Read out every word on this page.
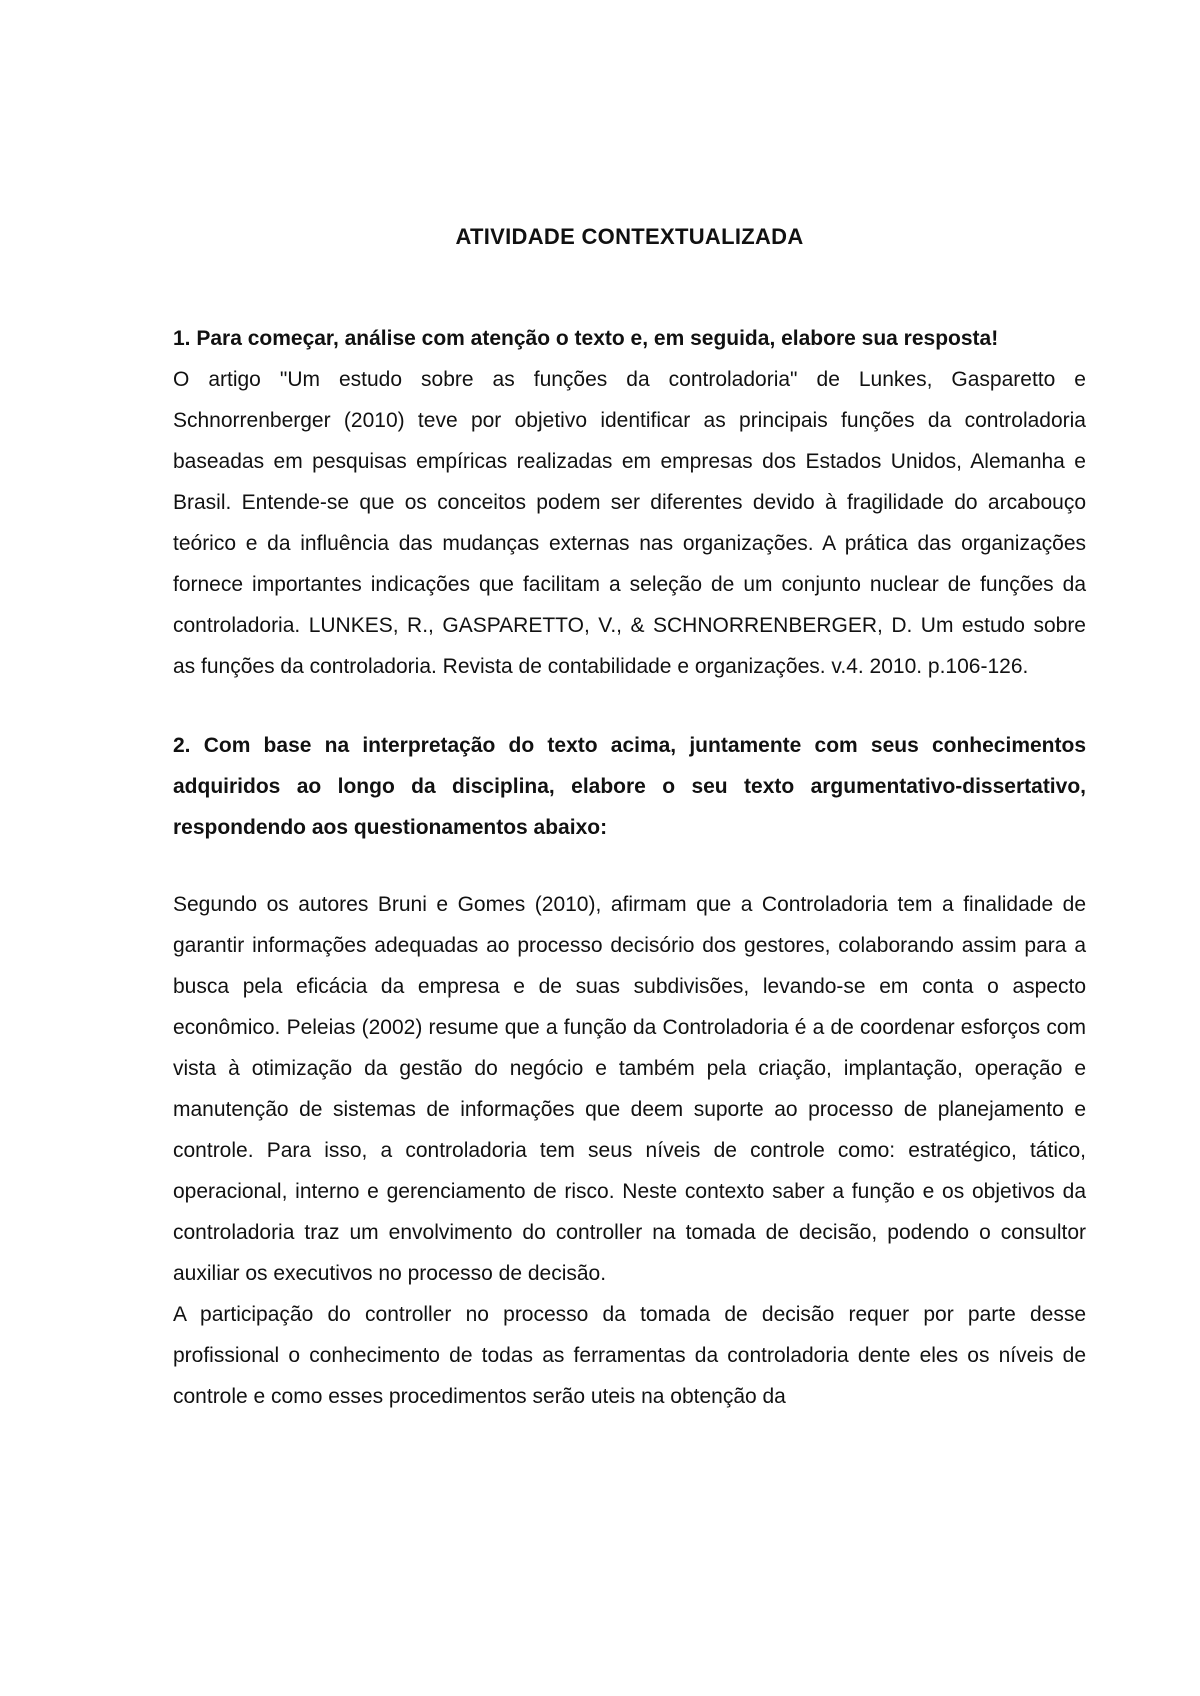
ATIVIDADE CONTEXTUALIZADA

1. Para começar, análise com atenção o texto e, em seguida, elabore sua resposta!

O artigo "Um estudo sobre as funções da controladoria" de Lunkes, Gasparetto e Schnorrenberger (2010) teve por objetivo identificar as principais funções da controladoria baseadas em pesquisas empíricas realizadas em empresas dos Estados Unidos, Alemanha e Brasil. Entende-se que os conceitos podem ser diferentes devido à fragilidade do arcabouço teórico e da influência das mudanças externas nas organizações. A prática das organizações fornece importantes indicações que facilitam a seleção de um conjunto nuclear de funções da controladoria. LUNKES, R., GASPARETTO, V., & SCHNORRENBERGER, D. Um estudo sobre as funções da controladoria. Revista de contabilidade e organizações. v.4. 2010. p.106-126.

2. Com base na interpretação do texto acima, juntamente com seus conhecimentos adquiridos ao longo da disciplina, elabore o seu texto argumentativo-dissertativo, respondendo aos questionamentos abaixo:

Segundo os autores Bruni e Gomes (2010), afirmam que a Controladoria tem a finalidade de garantir informações adequadas ao processo decisório dos gestores, colaborando assim para a busca pela eficácia da empresa e de suas subdivisões, levando-se em conta o aspecto econômico. Peleias (2002) resume que a função da Controladoria é a de coordenar esforços com vista à otimização da gestão do negócio e também pela criação, implantação, operação e manutenção de sistemas de informações que deem suporte ao processo de planejamento e controle. Para isso, a controladoria tem seus níveis de controle como: estratégico, tático, operacional, interno e gerenciamento de risco. Neste contexto saber a função e os objetivos da controladoria traz um envolvimento do controller na tomada de decisão, podendo o consultor auxiliar os executivos no processo de decisão.

A participação do controller no processo da tomada de decisão requer por parte desse profissional o conhecimento de todas as ferramentas da controladoria dente eles os níveis de controle e como esses procedimentos serão uteis na obtenção da
